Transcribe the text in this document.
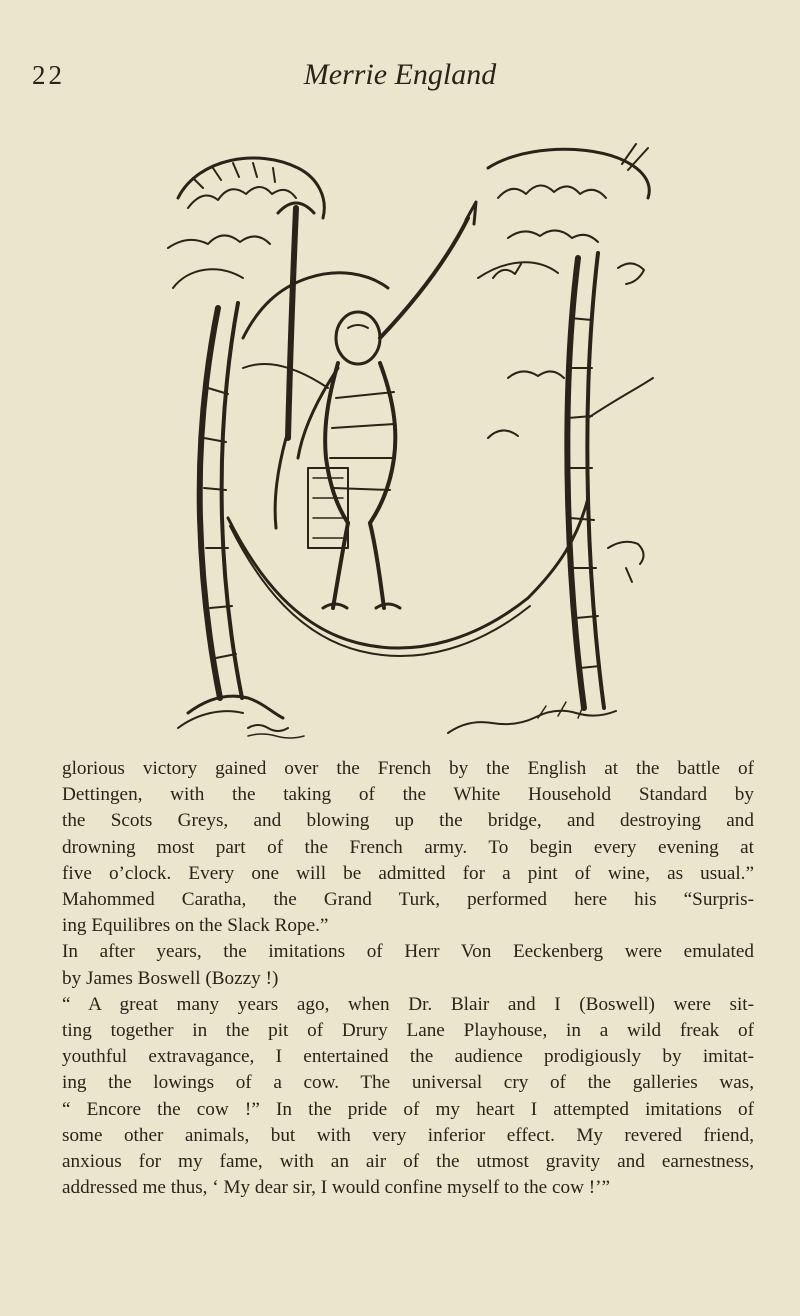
22	Merrie England

glorious victory gained over the French by the English at the battle of

Dettingen, with the taking of the White Household Standard by

the Scots Greys, and blowing up the bridge, and destroying and

drowning most part of the French army. To begin every evening at

five o’clock. Every one will be admitted for a pint of wine, as usual.”

Mahommed Caratha, the Grand Turk, performed here his “Surpris-

ing Equilibres on the Slack Rope.”

In after years, the imitations of Herr Von Eeckenberg were emulated

by James Boswell (Bozzy !)

“ A great many years ago, when Dr. Blair and I (Boswell) were sit-

ting together in the pit of Drury Lane Playhouse, in a wild freak of

youthful extravagance, I entertained the audience prodigiously by imitat-

ing the lowings of a cow. The universal cry of the galleries was,

“ Encore the cow !” In the pride of my heart I attempted imitations of

some other animals, but with very inferior effect. My revered friend,

anxious for my fame, with an air of the utmost gravity and earnestness,

addressed me thus, ‘ My dear sir, I would confine myself to the cow !’”
